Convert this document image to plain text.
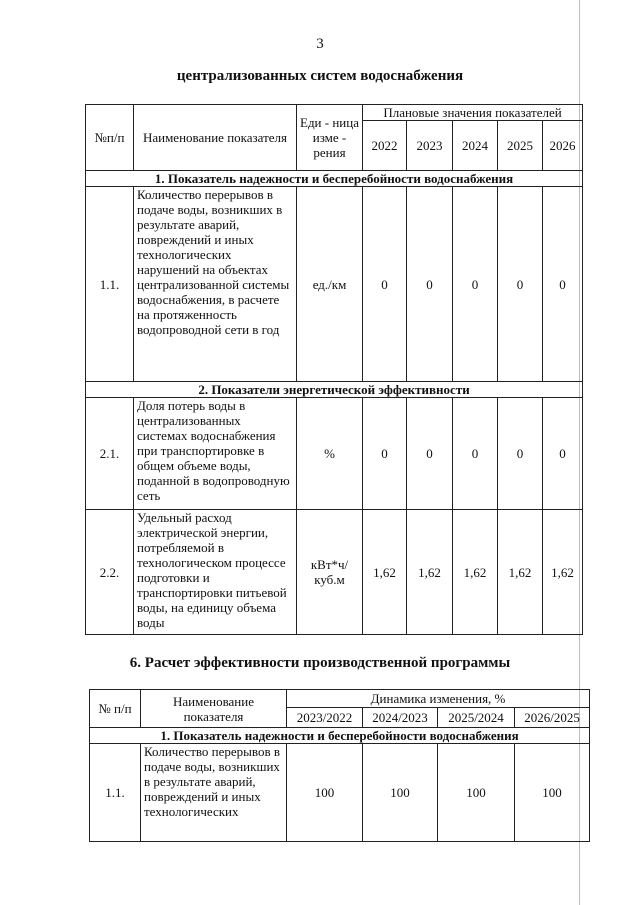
3
централизованных систем водоснабжения
№п/п	Наименование показателя	Еди - ница изме - рения	Плановые значения показателей				
			2022	2023	2024	2025	2026
1. Показатель надежности и бесперебойности водоснабжения							
1.1.	Количество перерывов в подаче воды, возникших в результате аварий, повреждений и иных технологических нарушений на объектах централизованной системы водоснабжения, в расчете на протяженность водопроводной сети в год	ед./км	0	0	0	0	0
2. Показатели энергетической эффективности							
2.1.	Доля потерь воды в централизованных системах водоснабжения при транспортировке в общем объеме воды, поданной в водопроводную сеть	%	0	0	0	0	0
2.2.	Удельный расход электрической энергии, потребляемой в технологическом процессе подготовки и транспортировки питьевой воды, на единицу объема воды	кВт*ч/ куб.м	1,62	1,62	1,62	1,62	1,62
6. Расчет эффективности производственной программы
№ п/п	Наименование показателя	Динамика изменения, %			
		2023/2022	2024/2023	2025/2024	2026/2025
1. Показатель надежности и бесперебойности водоснабжения					
1.1.	Количество перерывов в подаче воды, возникших в результате аварий, повреждений и иных технологических	100	100	100	100
